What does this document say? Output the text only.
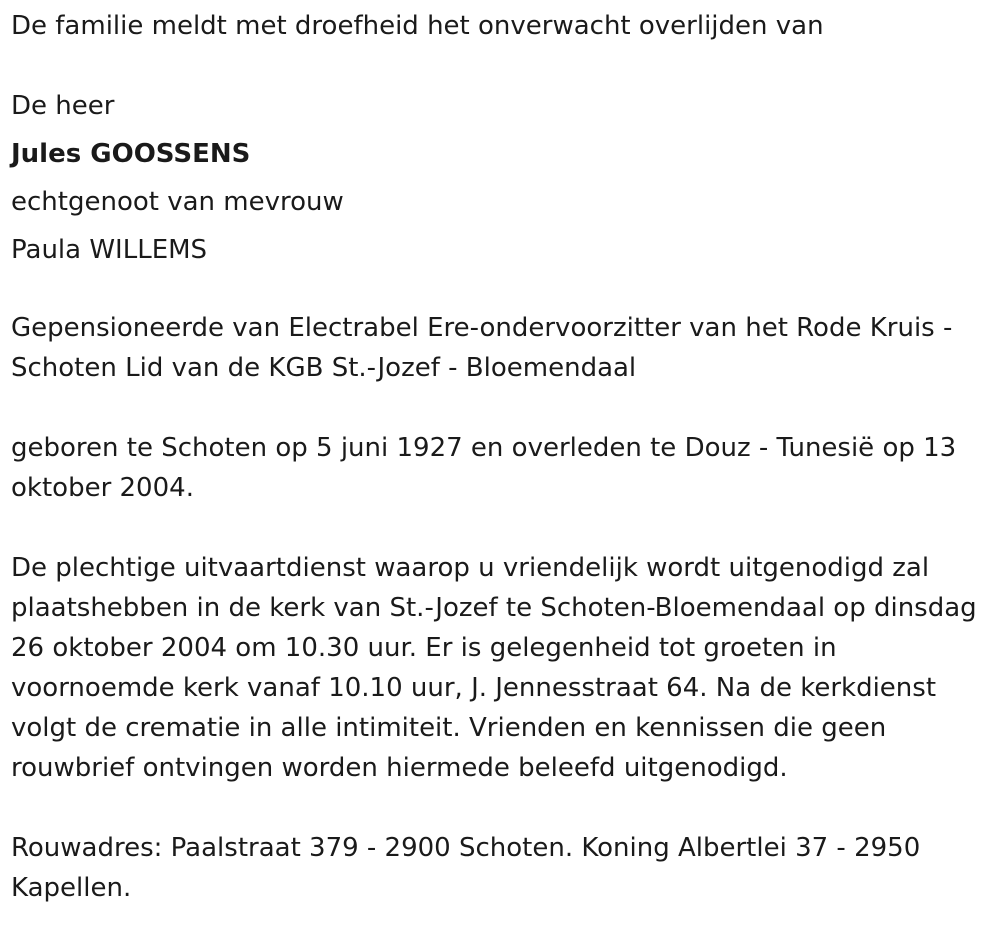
De familie meldt met droefheid het onverwacht overlijden van

De heer

Jules GOOSSENS

echtgenoot van mevrouw

Paula WILLEMS

Gepensioneerde van Electrabel Ere-ondervoorzitter van het Rode Kruis - Schoten Lid van de KGB St.-Jozef - Bloemendaal

geboren te Schoten op 5 juni 1927 en overleden te Douz - Tunesië op 13 oktober 2004.

De plechtige uitvaartdienst waarop u vriendelijk wordt uitgenodigd zal plaatshebben in de kerk van St.-Jozef te Schoten-Bloemendaal op dinsdag 26 oktober 2004 om 10.30 uur. Er is gelegenheid tot groeten in voornoemde kerk vanaf 10.10 uur, J. Jennesstraat 64. Na de kerkdienst volgt de crematie in alle intimiteit. Vrienden en kennissen die geen rouwbrief ontvingen worden hiermede beleefd uitgenodigd.

Rouwadres: Paalstraat 379 - 2900 Schoten. Koning Albertlei 37 - 2950 Kapellen.
